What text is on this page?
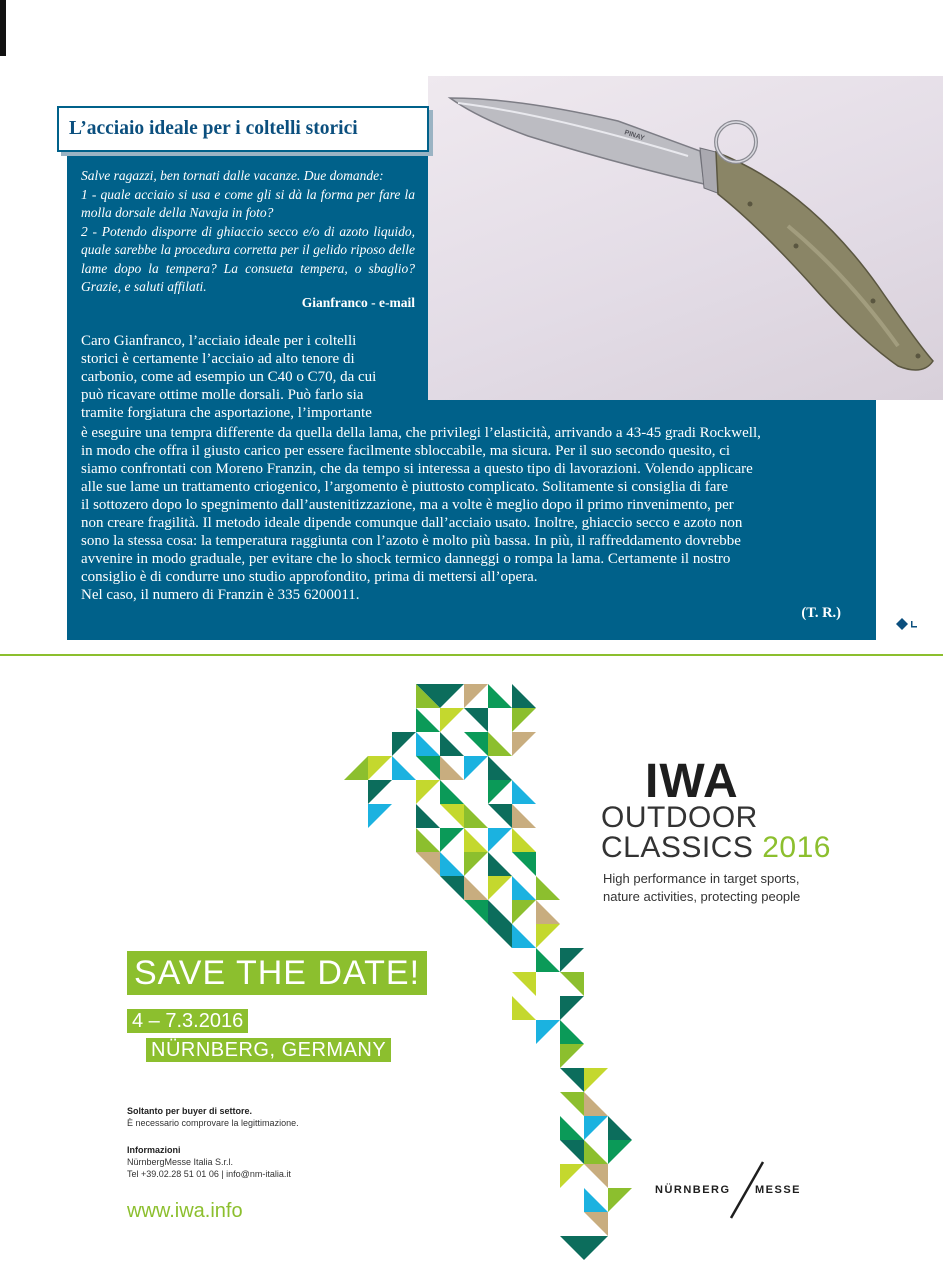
PINAY
L’acciaio ideale per i coltelli storici

Salve ragazzi, ben tornati dalle vacanze. Due domande:

1 - quale acciaio si usa e come gli si dà la forma per fare la molla dorsale della Navaja in foto?

2 - Potendo disporre di ghiaccio secco e/o di azoto liquido, quale sarebbe la procedura corretta per il gelido riposo delle lame dopo la tempera? La consueta tempera, o sbaglio? Grazie, e saluti affilati.

Gianfranco - e-mail
Caro Gianfranco, l’acciaio ideale per i coltelli
storici è certamente l’acciaio ad alto tenore di
carbonio, come ad esempio un C40 o C70, da cui
può ricavare ottime molle dorsali. Può farlo sia
tramite forgiatura che asportazione, l’importante
è eseguire una tempra differente da quella della lama, che privilegi l’elasticità, arrivando a 43-45 gradi Rockwell,
in modo che offra il giusto carico per essere facilmente sbloccabile, ma sicura. Per il suo secondo quesito, ci
siamo confrontati con Moreno Franzin, che da tempo si interessa a questo tipo di lavorazioni. Volendo applicare
alle sue lame un trattamento criogenico, l’argomento è piuttosto complicato. Solitamente si consiglia di fare
il sottozero dopo lo spegnimento dall’austenitizzazione, ma a volte è meglio dopo il primo rinvenimento, per
non creare fragilità. Il metodo ideale dipende comunque dall’acciaio usato. Inoltre, ghiaccio secco e azoto non
sono la stessa cosa: la temperatura raggiunta con l’azoto è molto più bassa. In più, il raffreddamento dovrebbe
avvenire in modo graduale, per evitare che lo shock termico danneggi o rompa la lama. Certamente il nostro
consiglio è di condurre uno studio approfondito, prima di mettersi all’opera.
Nel caso, il numero di Franzin è 335 6200011.
(T. R.)
IWA
OUTDOOR
CLASSICS 2016
High performance in target sports,
nature activities, protecting people
SAVE THE DATE!
4 – 7.3.2016
NÜRNBERG, GERMANY
Soltanto per buyer di settore.
È necessario comprovare la legittimazione.
Informazioni
NürnbergMesse Italia S.r.l.
Tel +39.02.28 51 01 06 | info@nm-italia.it
www.iwa.info
NÜRNBERG MESSE
